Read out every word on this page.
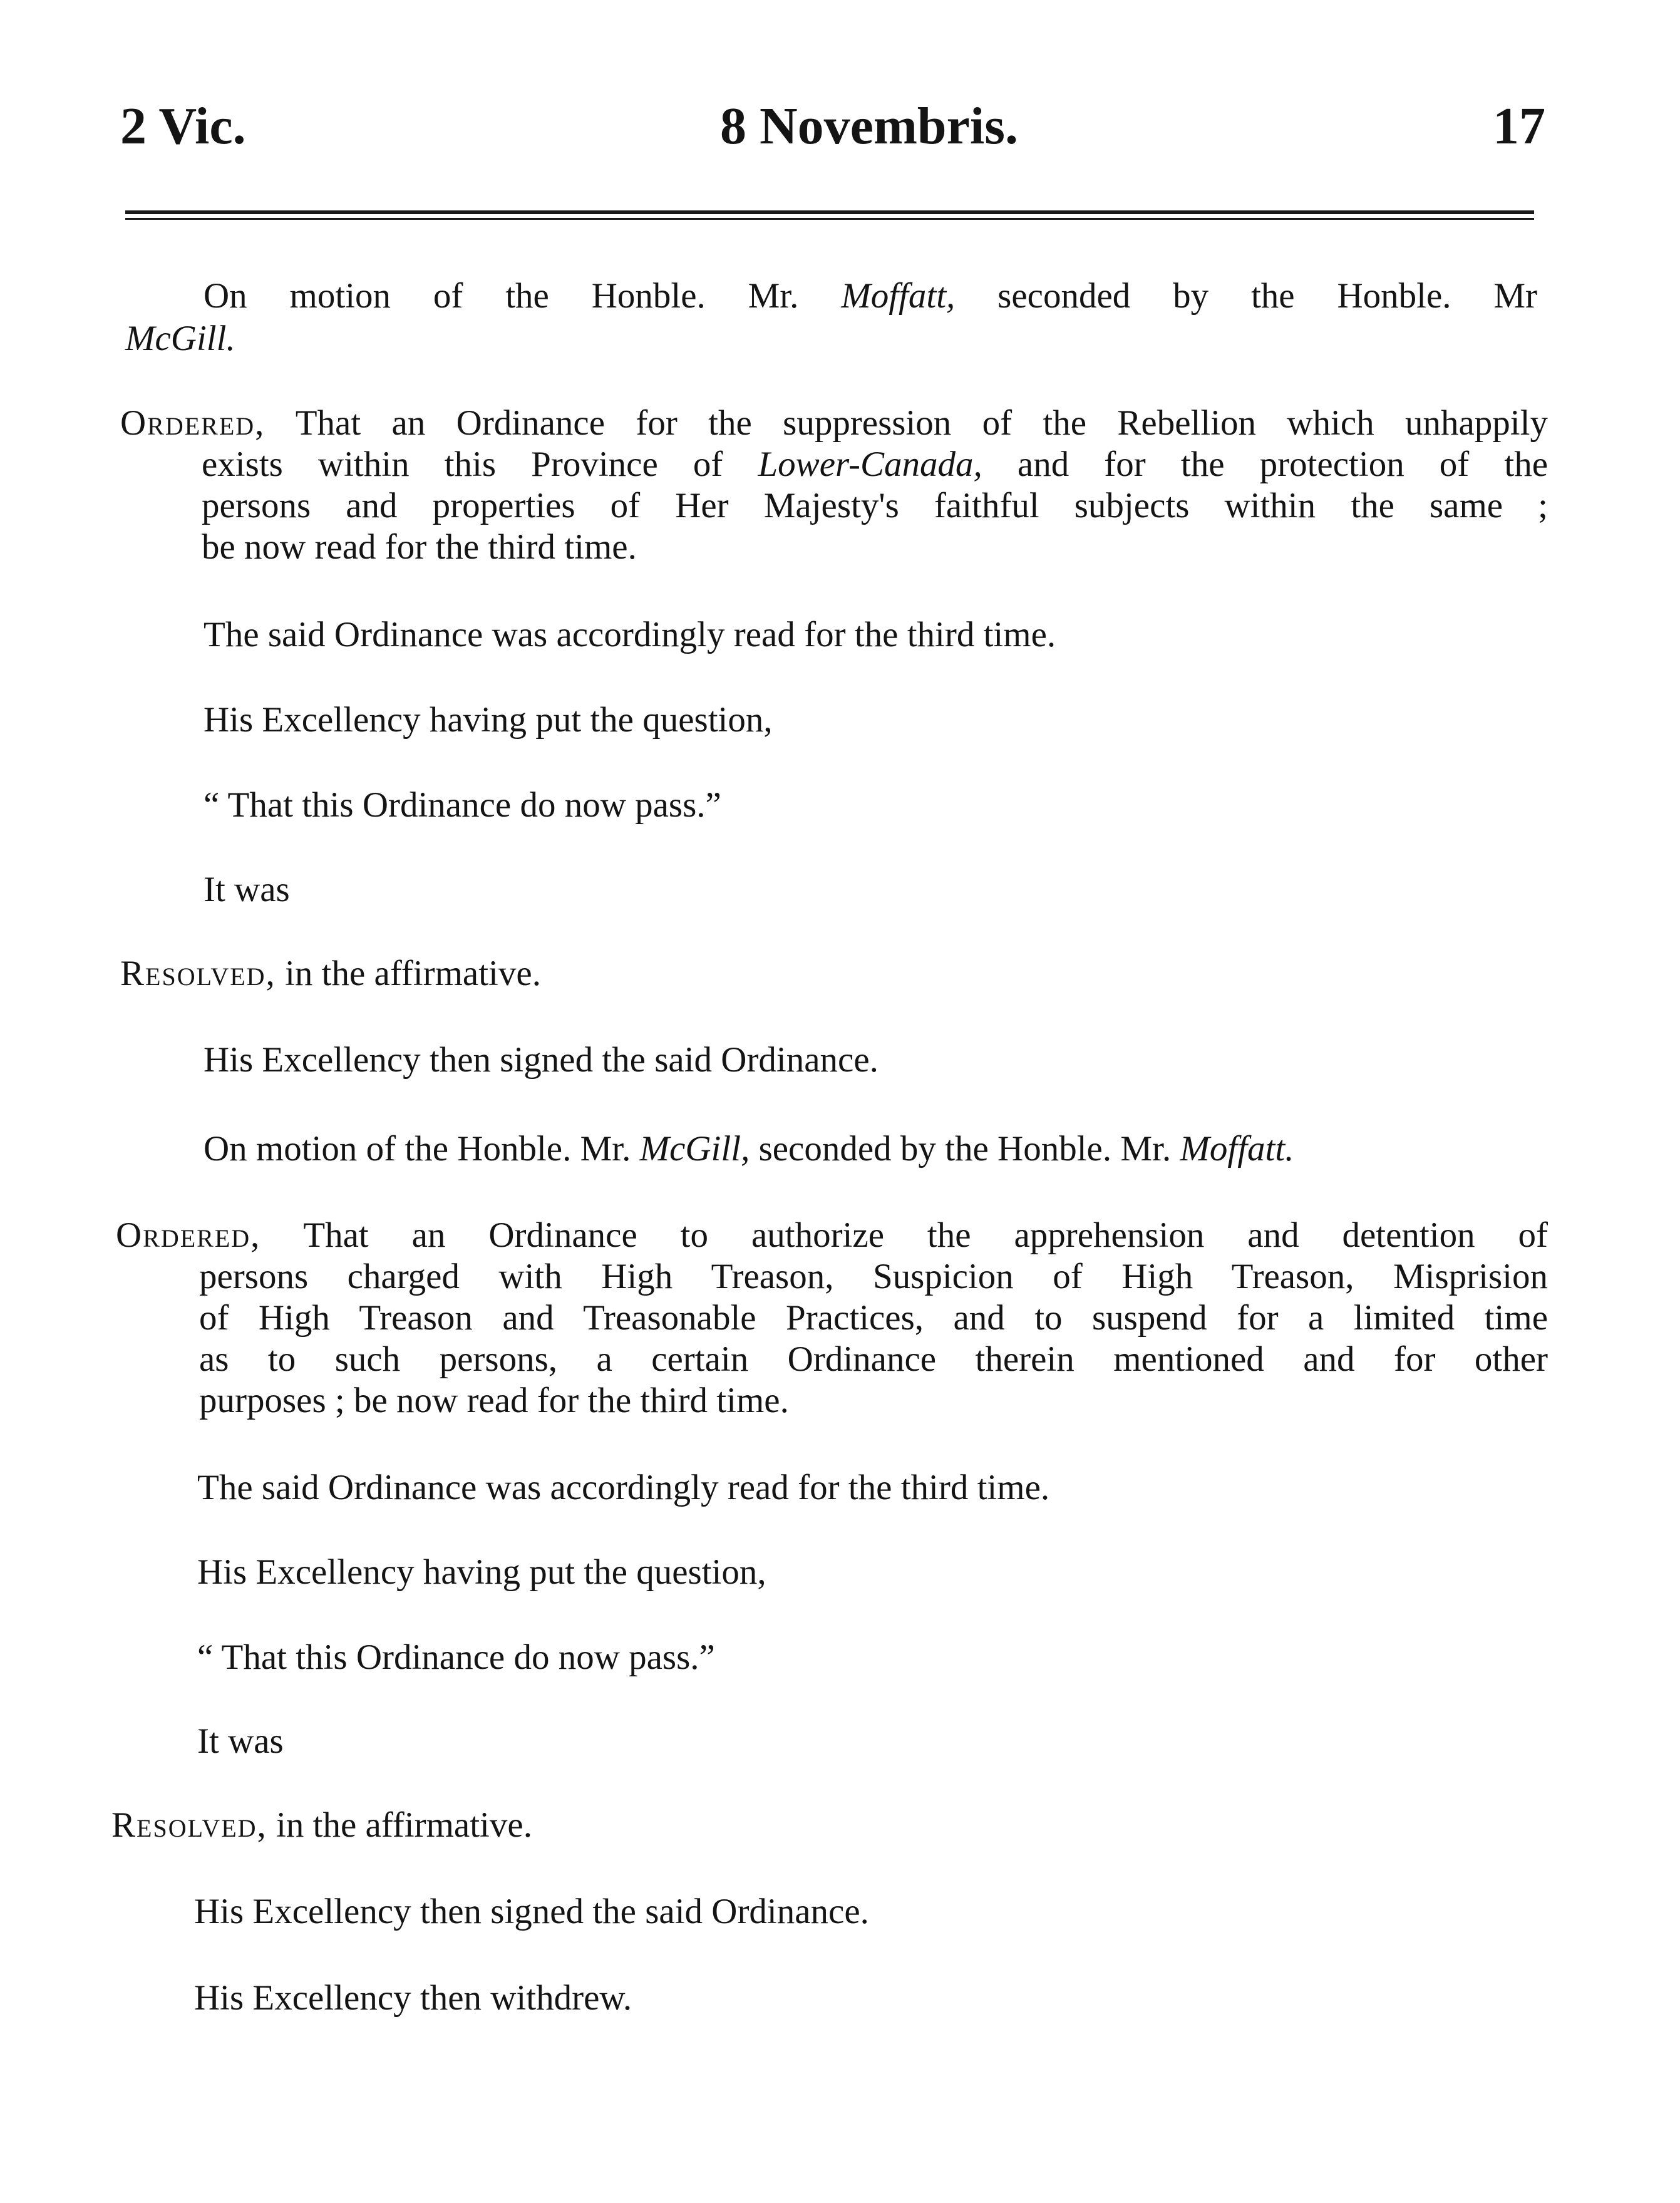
2 Vic.	8 Novembris.	17
On motion of the Honble. Mr. Moffatt, seconded by the Honble. Mr
McGill.
Ordered, That an Ordinance for the suppression of the Rebellion which unhappily
exists within this Province of Lower-Canada, and for the protection of the
persons and properties of Her Majesty's faithful subjects within the same ;
be now read for the third time.
The said Ordinance was accordingly read for the third time.
His Excellency having put the question,
“ That this Ordinance do now pass.”
It was
Resolved, in the affirmative.
His Excellency then signed the said Ordinance.
On motion of the Honble. Mr. McGill, seconded by the Honble. Mr. Moffatt.
Ordered, That an Ordinance to authorize the apprehension and detention of
persons charged with High Treason, Suspicion of High Treason, Misprision
of High Treason and Treasonable Practices, and to suspend for a limited time
as to such persons, a certain Ordinance therein mentioned and for other
purposes ; be now read for the third time.
The said Ordinance was accordingly read for the third time.
His Excellency having put the question,
“ That this Ordinance do now pass.”
It was
Resolved, in the affirmative.
His Excellency then signed the said Ordinance.
His Excellency then withdrew.
